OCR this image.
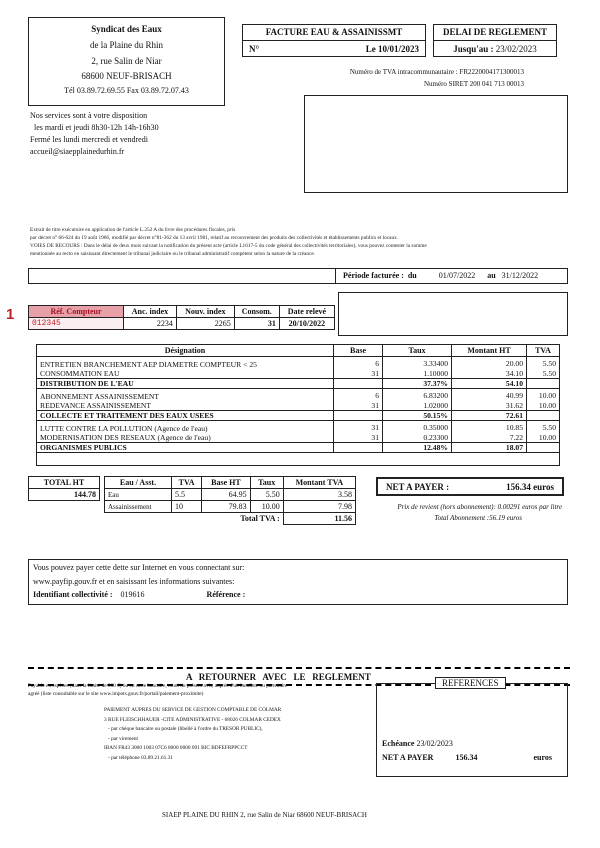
Syndicat des Eaux
de la Plaine du Rhin
2, rue Salin de Niar
68600 NEUF-BRISACH
Tél 03.89.72.69.55 Fax 03.89.72.07.43
Nos services sont à votre disposition
les mardi et jeudi 8h30-12h 14h-16h30
Fermé les lundi mercredi et vendredi
accueil@siaepplainedurhin.fr
FACTURE EAU & ASSAINISSMT
N°	Le 10/01/2023
DELAI DE REGLEMENT
Jusqu'au : 23/02/2023
Numéro de TVA intracommunautaire : FR2220004171300013
Numéro SIRET 200 041 713 00013
Extrait de titre exécutoire en application de l'article L.252 A du livre des procédures fiscales, pris
par décret n° 66-624 du 19 août 1966, modifié par décret n°81-362 du 13 avril 1981, relatif au recouvrement des produits des collectivités et établissements publics et locaux.
VOIES DE RECOURS : Dans le délai de deux mois suivant la notification du présent acte (article L1617-5 du code général des collectivités territoriales), vous pouvez contester la somme
mentionnée au recto en saisissant directement le tribunal judiciaire ou le tribunal administratif compétent selon la nature de la créance.
Période facturée : du	01/07/2022 au 31/12/2022
1	Réf. Compteur	Anc. index	Nouv. index	Consom.	Date relevé
012345	2234	2265	31	20/10/2022
Désignation	Base	Taux	Montant HT	TVA
ENTRETIEN BRANCHEMENT AEP DIAMETRE COMPTEUR < 25	6	3.33400	20.00	5.50
CONSOMMATION EAU	31	1.10000	34.10	5.50
DISTRIBUTION DE L'EAU		37.37%	54.10	
ABONNEMENT ASSAINISSEMENT	6	6.83200	40.99	10.00
REDEVANCE ASSAINISSEMENT	31	1.02000	31.62	10.00
COLLECTE ET TRAITEMENT DES EAUX USEES		50.15%	72.61	
LUTTE CONTRE LA POLLUTION (Agence de l'eau)	31	0.35000	10.85	5.50
MODERNISATION DES RESEAUX (Agence de l'eau)	31	0.23300	7.22	10.00
ORGANISMES PUBLICS		12.48%	18.07	
TOTAL HT
144.78
Eau / Asst.	TVA	Base HT	Taux	Montant TVA
Eau	5.5	64.95	5.50	3.58
Assainissement	10	79.83	10.00	7.98
Total TVA :				11.56
NET A PAYER :	156.34 euros
Prix de revient (hors abonnement): 0.00291 euros par litre
Total Abonnement :56.19 euros
Vous pouvez payer cette dette sur Internet en vous connectant sur:
www.payfip.gouv.fr et en saisissant les informations suivantes:
Identifiant collectivité : 019616	Référence :
A   RETOURNER   AVEC   LE   REGLEMENT
Payable en espèces (dans la limite de 300 €) ou en carte bancaire, muni du présent avis, auprès d'un buraliste ou partenaire
agréé (liste consultable sur le site www.impots.gouv.fr/portail/paiement-proximite)
PAIEMENT AUPRES DU SERVICE DE GESTION COMPTABLE DE COLMAR
3 RUE FLEISCHHAUER -CITE ADMINISTRATIVE - 68026 COLMAR CEDEX
- par chèque bancaire ou postale (libellé à l'ordre du TRESOR PUBLIC),
- par virement
IBAN FR43 3000 1003 07C6 8000 0000 091 BIC BDFEFRPPCCT
- par téléphone 03.89.21.61.31
REFERENCES
Echéance 23/02/2023
NET A PAYER	156.34	euros
SIAEP PLAINE DU RHIN 2, rue Salin de Niar 68600 NEUF-BRISACH
